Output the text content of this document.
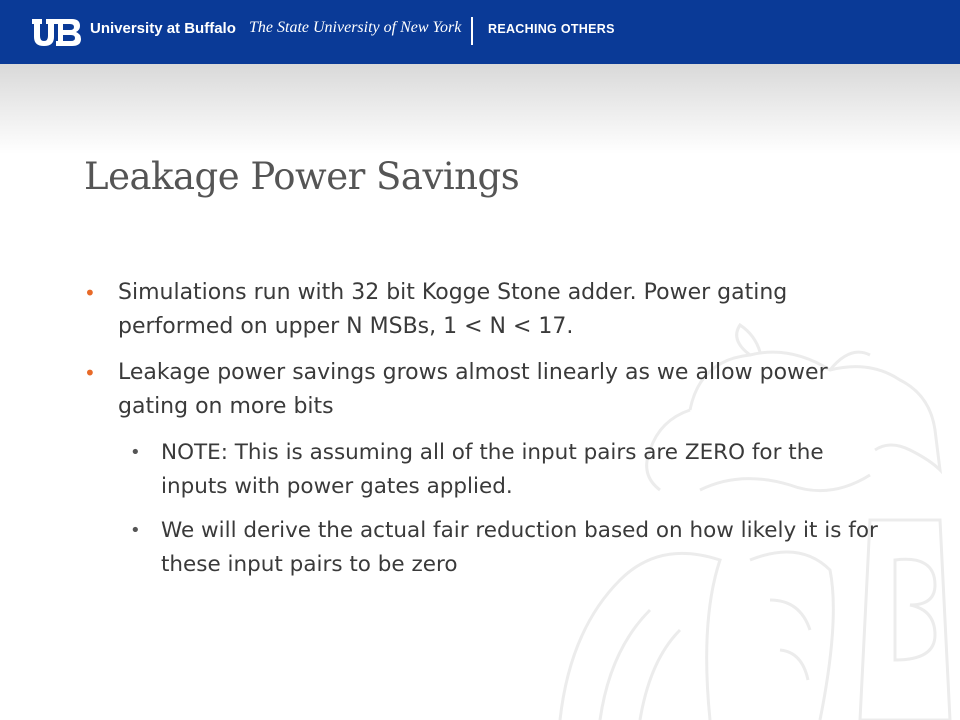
University at Buffalo The State University of New York REACHING OTHERS
Leakage Power Savings
• Simulations run with 32 bit Kogge Stone adder. Power gating performed on upper N MSBs, 1 < N < 17.
• Leakage power savings grows almost linearly as we allow power gating on more bits
• NOTE: This is assuming all of the input pairs are ZERO for the inputs with power gates applied.
• We will derive the actual fair reduction based on how likely it is for these input pairs to be zero
